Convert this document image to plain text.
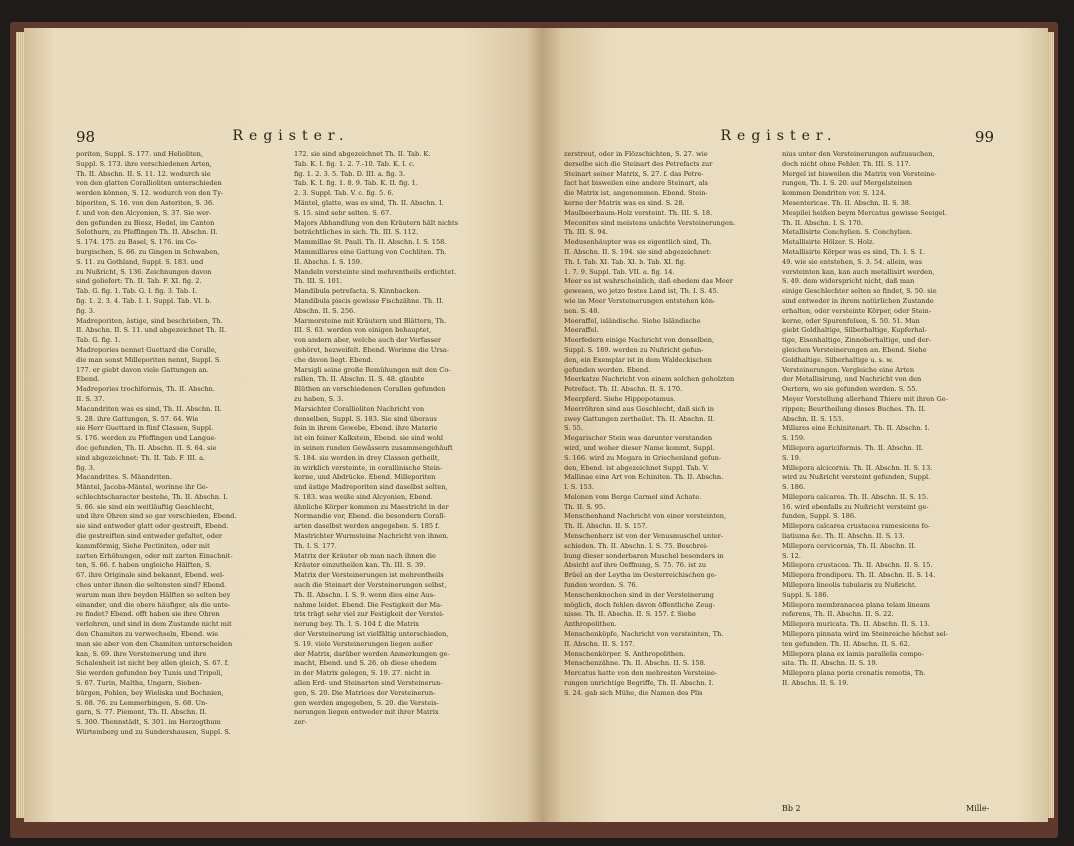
98	Register.
poriten, Suppl. S. 177. und Helioliten,
Suppl. S. 173. ihre verschiedenen Arten,
Th. II. Abschn. II. S. 11. 12. wodurch sie
von den glatten Corallioliten unterschieden
werden können, S. 12. wodurch von den Ty-
biporiten, S. 16. von den Asteriten, S. 36.
f. und von den Alcyonien, S. 37. Sie wer-
den gefunden zu Biesz, Hedel, im Canton
Solothurn, zu Pfeffingen Th. II. Abschn. II.
S. 174. 175. zu Basel, S. 176. im Co-
burgischen, S. 66. zu Gingen in Schwaben,
S. 11. zu Gothland, Suppl. S. 183. und
zu Nußricht, S. 136. Zeichnungen davon
sind geliefert: Th. II. Tab. F. XI. fig. 2.
Tab. G. fig. 1. Tab. G. I. fig. 3. Tab. I.
fig. 1. 2. 3. 4. Tab. I. 1. Suppl. Tab. VI. b.
fig. 3.
Madreporiten, ästige, sind beschrieben, Th.
II. Abschn. II. S. 11. und abgezeichnet Th. II.
Tab. G. fig. 1.
Madrepories nennet Guettard die Coralle,
die man sonst Milleporiten nennt, Suppl. S.
177. er giebt davon viele Gattungen an.
Ebend.
Madrepories trochiformis, Th. II. Abschn.
II. S. 37.
Macandriten was es sind, Th. II. Abschn. II.
S. 28. ihre Gattungen, S. 57. 64. Wie
sie Herr Guettard in fünf Classen, Suppl.
S. 176. werden zu Pfeffingen und Langue-
doc gefunden, Th. II. Abschn. II. S. 64. sie
sind abgezeichnet: Th. II. Tab. F. III. a.
fig. 3.
Macandrites. S. Mäandriten.
Mäntel, Jacobs-Mäntel, worinne ihr Ge-
schlechtscharacter bestehe, Th. II. Abschn. I.
S. 66. sie sind ein weitläuftig Geschlecht,
und ihre Ohren sind so gar verschieden, Ebend.
sie sind entweder glatt oder gestreift, Ebend.
die gestreiften sind entweder gefaltet, oder
kammförmig, Siehe Pectiniten, oder mit
zarten Erhöhungen, oder mit zarten Einschnit-
ten, S. 66. f. haben ungleiche Hälften, S.
67. ihre Originale sind bekannt, Ebend. wel-
ches unter ihnen die seltensten sind? Ebend.
warum man ihre beyden Hälften so selten bey
einander, und die obere häufiger, als die unte-
re findet? Ebend. offt haben sie ihre Ohren
verlohren, und sind in dem Zustande nicht mit
den Chamiten zu verwechseln, Ebend. wie
man sie aber von den Chamiten unterscheiden
kan, S. 69. ihre Versteinerung und ihre
Schalenheit ist nicht bey allen gleich, S. 67. f.
Sie werden gefunden bey Tunis und Tripoli,
S. 67. Turin, Maltha, Ungarn, Sieben-
bürgen, Pohlen, bey Wieliska und Bochnien,
S. 68. 76. zu Lemmerbingen, S. 68. Un-
garn, S. 77. Piemont, Th. II. Abschn. II.
S. 300. Thennstädt, S. 301. im Herzogthum
Würtemberg und zu Sundershausen, Suppl. S.
172. sie sind abgezeichnet Th. II. Tab. K.
Tab. K. I. fig. 1. 2. 7.-10. Tab. K. I. c.
fig. 1. 2. 3. 5. Tab. D. III. a. fig. 3.
Tab. K. I. fig. 1. 8. 9. Tab. K. II. fig. 1.
2. 3. Suppl. Tab. V. c. fig. 5. 6.
Mäntel, glatte, was es sind, Th. II. Abschn. I.
S. 15. sind sehr selten. S. 67.
Majors Abhandlung von den Kräutern hält nichts
beträchtliches in sich. Th. III. S. 112.
Mammillae St. Pauli. Th. II. Abschn. I. S. 158.
Mammillares eine Gattung von Cochliten. Th.
II. Abschn. I. S. 159.
Mandeln versteinte sind mehrentheils erdichtet.
Th. III. S. 101.
Mandibula petrefacta. S. Kinnbacken.
Mandibula piscis gewisse Fischzähne. Th. II.
Abschn. II. S. 256.
Marmorsteine mit Kräutern und Blättern, Th.
III. S. 63. werden von einigen behauptet,
von andern aber, welche auch der Verfasser
gehöret, bezweifelt. Ebend. Worinne die Ursa-
che davon liegt. Ebend.
Marsigli seine große Bemühungen mit den Co-
rallen, Th. II. Abschn. II. S. 48. glaubte
Blüthen an verschiedenen Corallen gefunden
zu haben, S. 3.
Marsichter Corallioliten Nachricht von
denselben, Suppl. S. 183. Sie sind überaus
fein in ihrem Gewebe, Ebend. ihre Materie
ist ein feiner Kalkstein, Ebend. sie sind wohl
in seinen runden Gewässern zusammengehäuft
S. 184. sie werden in drey Classen getheilt,
in wirklich versteinte, in corallinische Stein-
kerne, und Abdrücke. Ebend. Milleporiten
und ästige Madreporiten sind daselbst selten,
S. 183. was weiße sind Alcyonien, Ebend.
ähnliche Körper kommen zu Maestricht in der
Normandie vor, Ebend. die besondern Corall-
arten daselbst werden angegeben. S. 185 f.
Mastrichter Wurmsteine Nachricht von ihnen.
Th. I. S. 177.
Matrix der Kräuter ob man nach ihnen die
Kräuter einzutheilen kan. Th. III. S. 39.
Matrix der Versteinerungen ist mehrentheils
auch die Steinart der Versteinerungen selbst,
Th. II. Abschn. I. S. 9. wenn dies eine Aus-
nahme leidet. Ebend. Die Festigkeit der Ma-
trix trägt sehr viel zur Festigkeit der Verstei-
nerung bey. Th. I. S. 104 f. die Matrix
der Versteinerung ist vielfältig unterschieden,
S. 19. viele Versteinerungen liegen außer
der Matrix, darüber werden Anmerkungen ge-
macht, Ebend. und S. 26. ob diese ehedem
in der Matrix gelegen, S. 19. 27. nicht in
allen Erd- und Steinarten sind Versteinerun-
gen, S. 20. Die Matrices der Versteinerun-
gen werden angegeben, S. 20. die Versteis-
nerungen liegen entweder mit ihrer Matrix
zer-
Register.	99
zerstreut, oder in Flözschichten, S. 27. wie
derselbe sich die Steinart des Petrefacts zur
Steinart seiner Matrix, S. 27. f. das Petre-
fact hat bisweilen eine andere Steinart, als
die Matrix ist, angenommen. Ebend. Stein-
kerne der Matrix was es sind. S. 28.
Maulbeerbaum-Holz versteint. Th. III. S. 18.
Meconites sind meistens unächte Versteinerungen.
Th. III. S. 94.
Medusenhäupter was es eigentlich sind, Th.
II. Abschn. II. S. 194. sie sind abgezeichnet:
Th. I. Tab. XI. Tab. XI. b. Tab. XI. fig.
1. 7. 9. Suppl. Tab. VII. a. fig. 14.
Meer es ist wahrscheinlich, daß ehedem das Meer
gewesen, wo jetzo festes Land ist, Th. I. S. 45.
wie im Meer Versteinerungen entstehen kön-
nen. S. 48.
Meeraffel, isländische. Siehe Isländische
Meeraffel.
Meerfedern einige Nachricht von denselben,
Suppl. S. 189. werden zu Nußricht gefun-
den, ein Exemplar ist in dem Waldeckischen
gefunden worden. Ebend.
Meerkatze Nachricht von einem solchen geholzten
Petrefact. Th. II. Abschn. II. S. 170.
Meerpferd. Siehe Hippopotamus.
Meerröhren sind aus Geschlecht, daß sich in
zwey Gattungen zertheilet. Th. II. Abschn. II.
S. 55.
Megarischer Stein was darunter verstanden
wird, und woher dieser Name kommt, Suppl.
S. 166. wird zu Megara in Griechenland gefun-
den, Ebend. ist abgezeichnet Suppl. Tab. V.
Mallinae eine Art von Echiniten. Th. II. Abschn.
I. S. 153.
Melonen vom Berge Carmel sind Achate.
Th. II. S. 95.
Menschenhand Nachricht von einer versteinten,
Th. II. Abschn. II. S. 157.
Menschenherz ist von der Venusmuschel unter-
schieden. Th. II. Abschn. I. S. 75. Beschrei-
bung dieser sonderbaren Muschel besonders in
Absicht auf ihre Oeffnung, S. 75. 76. ist zu
Brüel an der Leytha im Oesterreichischen ge-
funden worden. S. 76.
Menschenknochen sind in der Versteinerung
möglich, doch fehlen davon öffentliche Zeug-
nisse. Th. II. Abschn. II. S. 157. f. Siehe
Anthropolithen.
Menschenköpfe, Nachricht von versteinten, Th.
II. Abschn. II. S. 157.
Menschenkörper. S. Anthropolithen.
Menschenzähne. Th. II. Abschn. II. S. 158.
Mercatus hatte von den mehresten Versteine-
rungen unrichtige Begriffe, Th. II. Abschn. I.
S. 24. gab sich Mühe, die Namen des Plis
nius unter den Versteinerungen aufzusuchen,
doch nicht ohne Fehler. Th. III. S. 117.
Mergel ist bisweilen die Matrix von Versteine-
rungen, Th. I. S. 20. auf Mergelsteinen
kommen Dendriten vor. S. 124.
Mesentericae. Th. II. Abschn. II. S. 38.
Mespilei heißen beym Mercatus gewisse Seeigel.
Th. II. Abschn. I. S. 170.
Metallisirte Conchylien. S. Conchylien.
Metallisirte Hölzer. S. Holz.
Metallisirte Körper was es sind, Th. I. S. 1.
49. wie sie entstehen, S. 3. 54. allein, was
versteinten kan, kan auch metallisirt werden,
S. 49. dem widerspricht nicht, daß man
einige Geschlechter selten so findet, S. 50. sie
sind entweder in ihrem natürlichen Zustande
erhalten, oder versteinte Körper, oder Stein-
kerne, oder Spurenfelsen, S. 50. 51. Man
giebt Goldhaltige, Silberhaltige, Kupferhal-
tige, Eisenhaltige, Zinnoberhaltige, und der-
gleichen Versteinerungen an. Ebend. Siehe
Goldhaltige. Silberhaltige u. s. w.
Versteinerungen. Vergleiche eine Arten
der Metallisirung, und Nachricht von den
Oertern, wo sie gefunden werden. S. 55.
Meyer Vorstellung allerhand Thiere mit ihren Ge-
rippen; Beurtheilung dieses Buches. Th. II.
Abschn. II. S. 153.
Millares eine Echinitenart. Th. II. Abschn. I.
S. 159.
Millepora agariciformis. Th. II. Abschn. II.
S. 19.
Millepora alcicornis. Th. II. Abschn. II. S. 13.
wird zu Nußricht versteint gefunden, Suppl.
S. 186.
Millepora calcarea. Th. II. Abschn. II. S. 15.
16. wird ebenfalls zu Nußricht versteint ge-
funden, Suppl. S. 186.
Millepora calcarea crustacea ramesicens fo-
liatiuma &c. Th. II. Abschn. II. S. 13.
Millepora cervicornis, Th. II. Abschn. II.
S. 12.
Millepora crustacea. Th. II. Abschn. II. S. 15.
Millepora frondipora. Th. II. Abschn. II. S. 14.
Millepora lineolis tubularis zu Nußricht.
Suppl. S. 186.
Millepora membranacea plana telam lineam
referens, Th. II. Abschn. II. S. 22.
Millepora muricata. Th. II. Abschn. II. S. 13.
Millepora pinnata wird im Steinreiche höchst sel-
ten gefunden. Th. II. Abschn. II. S. 62.
Millepora plana ex lamis parallelis compo-
sita. Th. II. Abschn. II. S. 19.
Millepora plana poris crenatis remotis, Th.
II. Abschn. II. S. 19.
Bb 2	Mille-
